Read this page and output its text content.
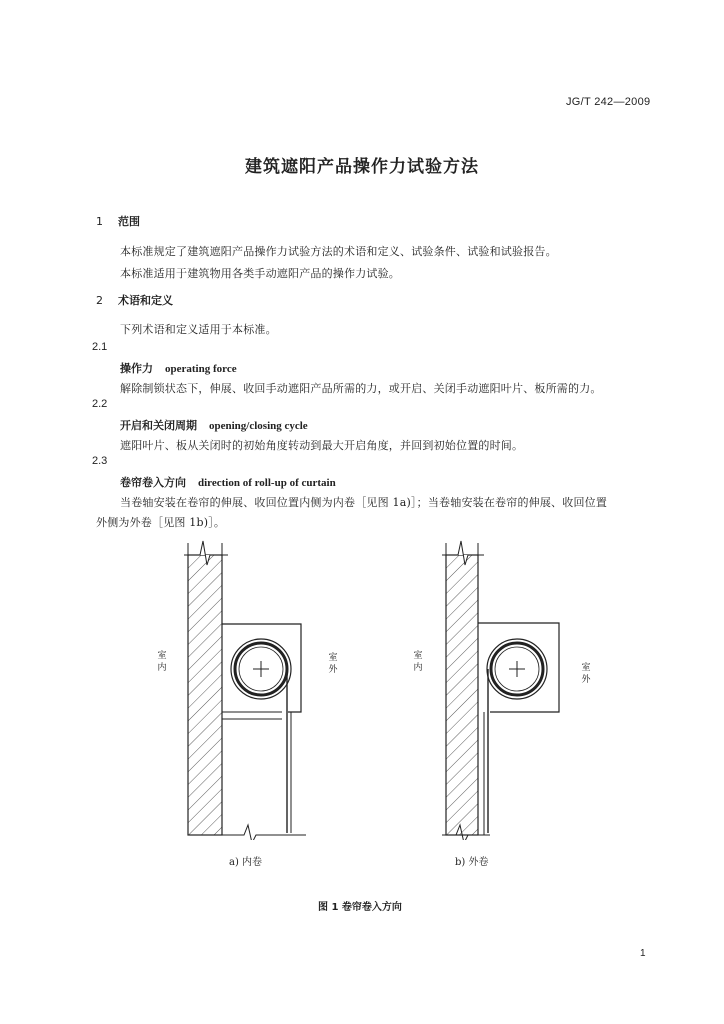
JG/T 242—2009
建筑遮阳产品操作力试验方法
1 范围
本标准规定了建筑遮阳产品操作力试验方法的术语和定义、试验条件、试验和试验报告。
本标准适用于建筑物用各类手动遮阳产品的操作力试验。
2 术语和定义
下列术语和定义适用于本标准。
2.1
操作力 operating force
解除制锁状态下，伸展、收回手动遮阳产品所需的力，或开启、关闭手动遮阳叶片、板所需的力。
2.2
开启和关闭周期 opening/closing cycle
遮阳叶片、板从关闭时的初始角度转动到最大开启角度，并回到初始位置的时间。
2.3
卷帘卷入方向 direction of roll-up of curtain
当卷轴安装在卷帘的伸展、收回位置内侧为内卷［见图 1a)］；当卷轴安装在卷帘的伸展、收回位置
外侧为外卷［见图 1b)］。
室内
室外
a) 内卷
室内	室外
b) 外卷
图 1 卷帘卷入方向
1
